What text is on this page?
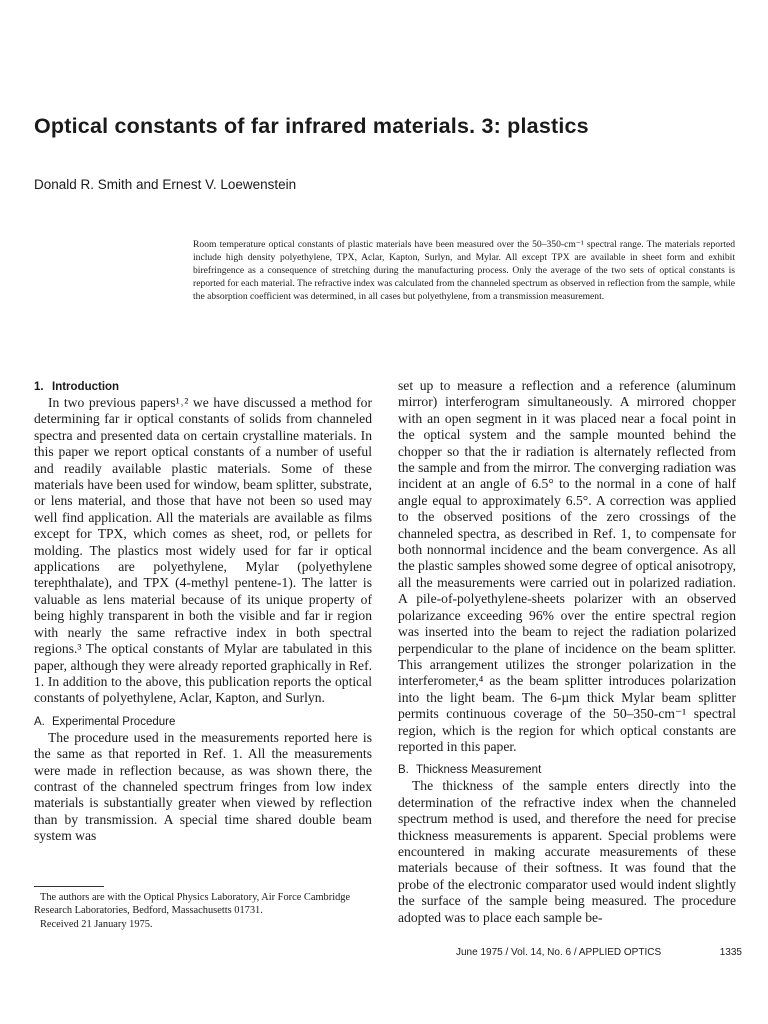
Optical constants of far infrared materials. 3: plastics
Donald R. Smith and Ernest V. Loewenstein

Room temperature optical constants of plastic materials have been measured over the 50–350-cm⁻¹ spectral range. The materials reported include high density polyethylene, TPX, Aclar, Kapton, Surlyn, and Mylar. All except TPX are available in sheet form and exhibit birefringence as a consequence of stretching during the manufacturing process. Only the average of the two sets of optical constants is reported for each material. The refractive index was calculated from the channeled spectrum as observed in reflection from the sample, while the absorption coefficient was determined, in all cases but polyethylene, from a transmission measurement.

1. Introduction

In two previous papers¹˒² we have discussed a method for determining far ir optical constants of solids from channeled spectra and presented data on certain crystalline materials. In this paper we report optical constants of a number of useful and readily available plastic materials. Some of these materials have been used for window, beam splitter, substrate, or lens material, and those that have not been so used may well find application. All the materials are available as films except for TPX, which comes as sheet, rod, or pellets for molding. The plastics most widely used for far ir optical applications are polyethylene, Mylar (polyethylene terephthalate), and TPX (4-methyl pentene-1). The latter is valuable as lens material because of its unique property of being highly transparent in both the visible and far ir region with nearly the same refractive index in both spectral regions.³ The optical constants of Mylar are tabulated in this paper, although they were already reported graphically in Ref. 1. In addition to the above, this publication reports the optical constants of polyethylene, Aclar, Kapton, and Surlyn.

A. Experimental Procedure

The procedure used in the measurements reported here is the same as that reported in Ref. 1. All the measurements were made in reflection because, as was shown there, the contrast of the channeled spectrum fringes from low index materials is substantially greater when viewed by reflection than by transmission. A special time shared double beam system was

set up to measure a reflection and a reference (aluminum mirror) interferogram simultaneously. A mirrored chopper with an open segment in it was placed near a focal point in the optical system and the sample mounted behind the chopper so that the ir radiation is alternately reflected from the sample and from the mirror. The converging radiation was incident at an angle of 6.5° to the normal in a cone of half angle equal to approximately 6.5°. A correction was applied to the observed positions of the zero crossings of the channeled spectra, as described in Ref. 1, to compensate for both nonnormal incidence and the beam convergence. As all the plastic samples showed some degree of optical anisotropy, all the measurements were carried out in polarized radiation. A pile-of-polyethylene-sheets polarizer with an observed polarizance exceeding 96% over the entire spectral region was inserted into the beam to reject the radiation polarized perpendicular to the plane of incidence on the beam splitter. This arrangement utilizes the stronger polarization in the interferometer,⁴ as the beam splitter introduces polarization into the light beam. The 6-µm thick Mylar beam splitter permits continuous coverage of the 50–350-cm⁻¹ spectral region, which is the region for which optical constants are reported in this paper.

B. Thickness Measurement

The thickness of the sample enters directly into the determination of the refractive index when the channeled spectrum method is used, and therefore the need for precise thickness measurements is apparent. Special problems were encountered in making accurate measurements of these materials because of their softness. It was found that the probe of the electronic comparator used would indent slightly the surface of the sample being measured. The procedure adopted was to place each sample be-

The authors are with the Optical Physics Laboratory, Air Force Cambridge Research Laboratories, Bedford, Massachusetts 01731.

Received 21 January 1975.

June 1975 / Vol. 14, No. 6 / APPLIED OPTICS	1335
